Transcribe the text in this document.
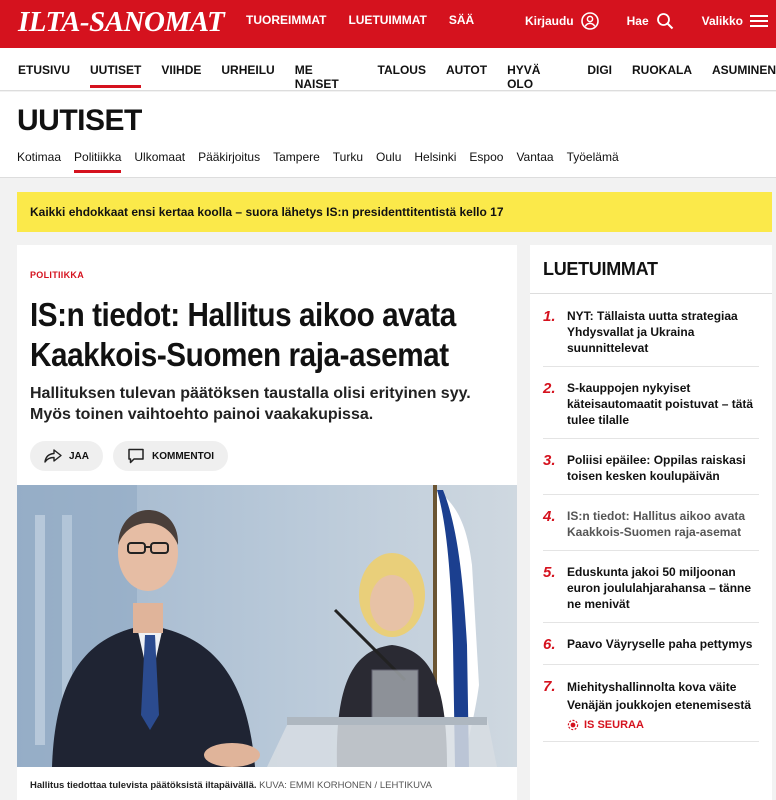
ILTA-SANOMAT TUOREIMMAT LUETUIMMAT SÄÄ	Kirjaudu	Hae	Valikko
ETUSIVU UUTISET VIIHDE URHEILU ME NAISET
TALOUS AUTOT HYVÄ OLO
DIGI RUOKALA ASUMINEN
UUTISET
Kotimaa Politiikka Ulkomaat Pääkirjoitus Tampere Turku Oulu Helsinki Espoo Vantaa Työelämä
Kaikki ehdokkaat ensi kertaa koolla – suora lähetys IS:n presidenttitentistä kello 17
POLITIIKKA
IS:n tiedot: Hallitus aikoo avata Kaakkois-Suomen raja-asemat

Hallituksen tulevan päätöksen taustalla olisi erityinen syy. Myös toinen vaihtoehto painoi vaakakupissa.

JAA	KOMMENTOI

Hallitus tiedottaa tulevista päätöksistä iltapäivällä. KUVA: EMMI KORHONEN / LEHTIKUVA

LUETUIMMAT
1. NYT: Tällaista uutta strategiaa Yhdysvallat ja Ukraina suunnittelevat
2. S-kauppojen nykyiset käteisautomaatit poistuvat – tätä tulee tilalle
3. Poliisi epäilee: Oppilas raiskasi toisen kesken koulupäivän
4. IS:n tiedot: Hallitus aikoo avata Kaakkois-Suomen raja-asemat
5. Eduskunta jakoi 50 miljoonan euron joululahjarahansa – tänne ne menivät
6. Paavo Väyryselle paha pettymys
7. Miehityshallinnolta kova väite Venäjän joukkojen etenemisestä
IS SEURAA
